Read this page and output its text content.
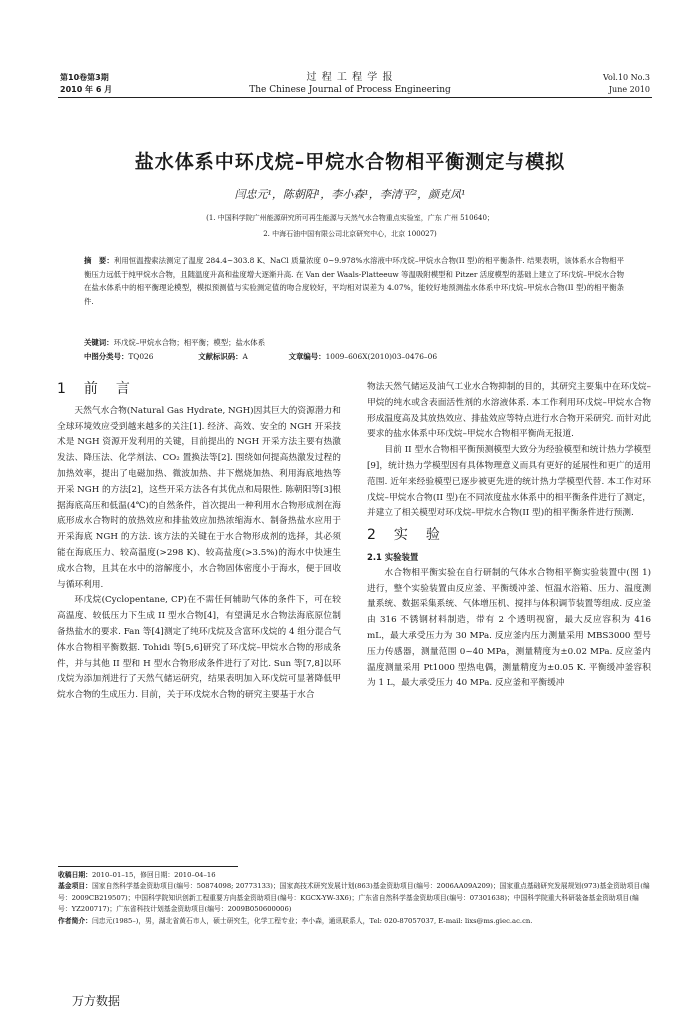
第10卷第3期
2010 年 6 月
过 程 工 程 学 报
The Chinese Journal of Process Engineering
Vol.10 No.3
June 2010
盐水体系中环戊烷–甲烷水合物相平衡测定与模拟
闫忠元¹，陈朝阳¹，李小森¹，李清平²，颜克凤¹
(1. 中国科学院广州能源研究所可再生能源与天然气水合物重点实验室，广东 广州 510640；
2. 中海石油中国有限公司北京研究中心，北京 100027)
摘　要：利用恒温搜索法测定了温度 284.4~303.8 K、NaCl 质量浓度 0~9.978%水溶液中环戊烷–甲烷水合物(II 型)的相平衡条件. 结果表明，该体系水合物相平衡压力远低于纯甲烷水合物，且随温度升高和盐度增大逐渐升高. 在 Van der Waals-Platteeuw 等温吸附模型和 Pitzer 活度模型的基础上建立了环戊烷–甲烷水合物在盐水体系中的相平衡理论模型，模拟预测值与实验测定值的吻合度较好，平均相对误差为 4.07%，能较好地预测盐水体系中环戊烷–甲烷水合物(II 型)的相平衡条件.
关键词：环戊烷–甲烷水合物；相平衡；模型；盐水体系
中图分类号：TQ026	文献标识码：A	文章编号：1009–606X(2010)03–0476–06
1　前　言

天然气水合物(Natural Gas Hydrate, NGH)因其巨大的资源潜力和全球环境效应受到越来越多的关注[1]. 经济、高效、安全的 NGH 开采技术是 NGH 资源开发利用的关键，目前提出的 NGH 开采方法主要有热激发法、降压法、化学剂法、CO₂ 置换法等[2]. 围绕如何提高热激发过程的加热效率，提出了电磁加热、微波加热、井下燃烧加热、利用海底地热等开采 NGH 的方法[2]，这些开采方法各有其优点和局限性. 陈朝阳等[3]根据海底高压和低温(4℃)的自然条件，首次提出一种利用水合物形成剂在海底形成水合物时的放热效应和排盐效应加热浓缩海水、制备热盐水应用于开采海底 NGH 的方法. 该方法的关键在于水合物形成剂的选择，其必须能在海底压力、较高温度(>298 K)、较高盐度(>3.5%)的海水中快速生成水合物，且其在水中的溶解度小，水合物固体密度小于海水，便于回收与循环利用.

环戊烷(Cyclopentane, CP)在不需任何辅助气体的条件下，可在较高温度、较低压力下生成 II 型水合物[4]，有望满足水合物法海底原位制备热盐水的要求. Fan 等[4]测定了纯环戊烷及含富环戊烷的 4 组分混合气体水合物相平衡数据. Tohidi 等[5,6]研究了环戊烷–甲烷水合物的形成条件，并与其他 II 型和 H 型水合物形成条件进行了对比. Sun 等[7,8]以环戊烷为添加剂进行了天然气储运研究，结果表明加入环戊烷可显著降低甲烷水合物的生成压力. 目前，关于环戊烷水合物的研究主要基于水合

物法天然气储运及油气工业水合物抑制的目的，其研究主要集中在环戊烷–甲烷的纯水或含表面活性剂的水溶液体系. 本工作利用环戊烷–甲烷水合物形成温度高及其放热效应、排盐效应等特点进行水合物开采研究. 而针对此要求的盐水体系中环戊烷–甲烷水合物相平衡尚无报道.

目前 II 型水合物相平衡预测模型大致分为经验模型和统计热力学模型[9]，统计热力学模型因有具体物理意义而具有更好的延展性和更广的适用范围. 近年来经验模型已逐步被更先进的统计热力学模型代替. 本工作对环戊烷–甲烷水合物(II 型)在不同浓度盐水体系中的相平衡条件进行了测定，并建立了相关模型对环戊烷–甲烷水合物(II 型)的相平衡条件进行预测.

2　实　验
2.1 实验装置

水合物相平衡实验在自行研制的气体水合物相平衡实验装置中(图 1)进行，整个实验装置由反应釜、平衡缓冲釜、恒温水浴箱、压力、温度测量系统、数据采集系统、气体增压机、搅拌与体积调节装置等组成. 反应釜由 316 不锈钢材料制造，带有 2 个透明视窗，最大反应容积为 416 mL，最大承受压力为 30 MPa. 反应釜内压力测量采用 MBS3000 型号压力传感器，测量范围 0~40 MPa，测量精度为±0.02 MPa. 反应釜内温度测量采用 Pt1000 型热电偶，测量精度为±0.05 K. 平衡缓冲釜容积为 1 L，最大承受压力 40 MPa. 反应釜和平衡缓冲

收稿日期：2010–01–15，修回日期：2010–04–16
基金项目：国家自然科学基金资助项目(编号：50874098; 20773133)；国家高技术研究发展计划(863)基金资助项目(编号：2006AA09A209)；国家重点基础研究发展规划(973)基金资助项目(编号：2009CB219507)；中国科学院知识创新工程重要方向基金资助项目(编号：KGCX-YW-3X6)；广东省自然科学基金资助项目(编号：07301638)；中国科学院重大科研装备基金资助项目(编号：YZ200717)；广东省科技计划基金资助项目(编号：2009B050600006)
作者简介：闫忠元(1985–)，男，湖北省黄石市人，硕士研究生，化学工程专业；李小森，通讯联系人，Tel: 020-87057037, E-mail: lixs@ms.giec.ac.cn.
万方数据
